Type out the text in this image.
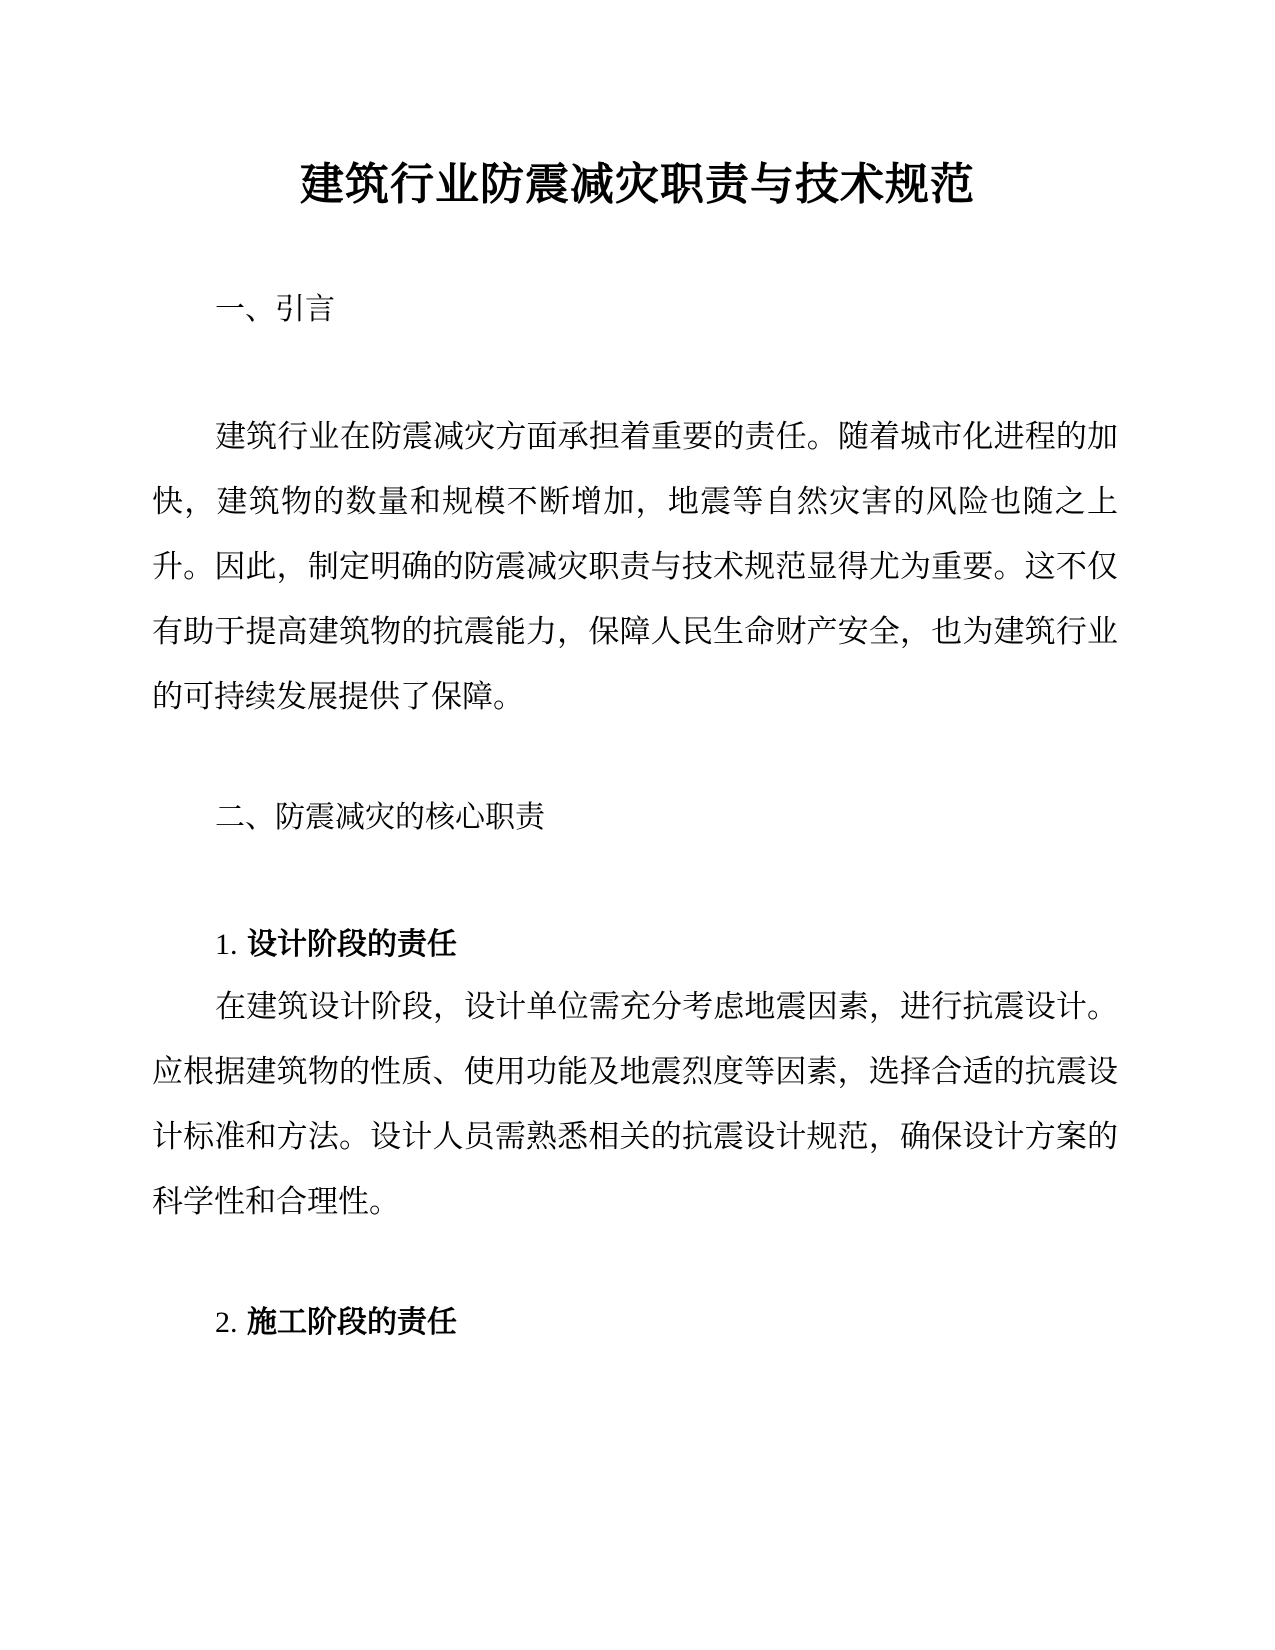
建筑行业防震减灾职责与技术规范
一、引言

建筑行业在防震减灾方面承担着重要的责任。随着城市化进程的加快，建筑物的数量和规模不断增加，地震等自然灾害的风险也随之上升。因此，制定明确的防震减灾职责与技术规范显得尤为重要。这不仅有助于提高建筑物的抗震能力，保障人民生命财产安全，也为建筑行业的可持续发展提供了保障。

二、防震减灾的核心职责
1. 设计阶段的责任

在建筑设计阶段，设计单位需充分考虑地震因素，进行抗震设计。应根据建筑物的性质、使用功能及地震烈度等因素，选择合适的抗震设计标准和方法。设计人员需熟悉相关的抗震设计规范，确保设计方案的科学性和合理性。

2. 施工阶段的责任
